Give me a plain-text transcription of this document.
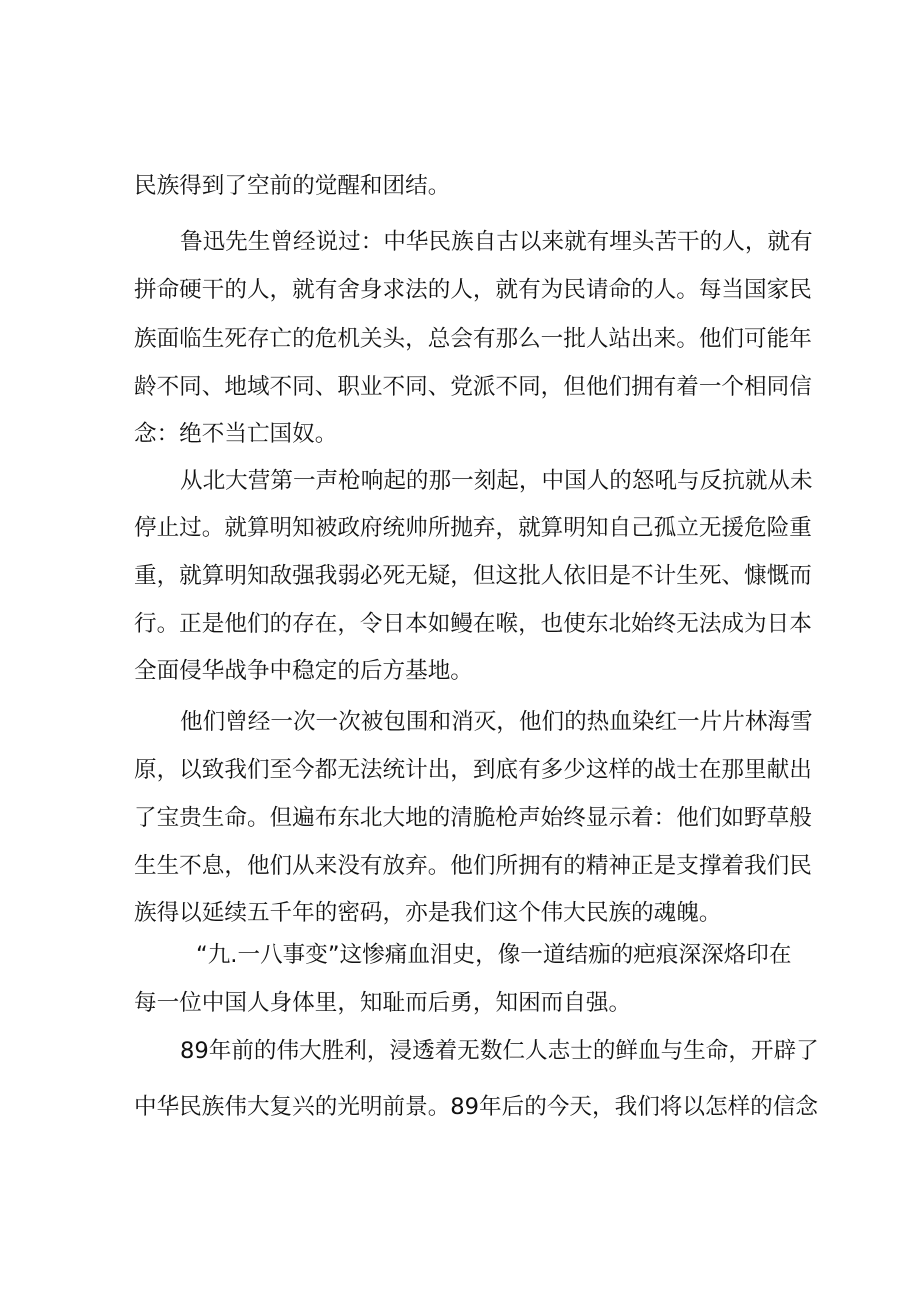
民族得到了空前的觉醒和团结。
鲁迅先生曾经说过：中华民族自古以来就有埋头苦干的人，就有
拼命硬干的人，就有舍身求法的人，就有为民请命的人。每当国家民
族面临生死存亡的危机关头，总会有那么一批人站出来。他们可能年
龄不同、地域不同、职业不同、党派不同，但他们拥有着一个相同信
念：绝不当亡国奴。
从北大营第一声枪响起的那一刻起，中国人的怒吼与反抗就从未
停止过。就算明知被政府统帅所抛弃，就算明知自己孤立无援危险重
重，就算明知敌强我弱必死无疑，但这批人依旧是不计生死、慷慨而
行。正是他们的存在，令日本如鳗在喉，也使东北始终无法成为日本
全面侵华战争中稳定的后方基地。
他们曾经一次一次被包围和消灭，他们的热血染红一片片林海雪
原，以致我们至今都无法统计出，到底有多少这样的战士在那里献出
了宝贵生命。但遍布东北大地的清脆枪声始终显示着：他们如野草般
生生不息，他们从来没有放弃。他们所拥有的精神正是支撑着我们民
族得以延续五千年的密码，亦是我们这个伟大民族的魂魄。
“九.一八事变”这惨痛血泪史，像一道结痂的疤痕深深烙印在
每一位中国人身体里，知耻而后勇，知困而自强。
89年前的伟大胜利，浸透着无数仁人志士的鲜血与生命，开辟了
中华民族伟大复兴的光明前景。89年后的今天，我们将以怎样的信念
